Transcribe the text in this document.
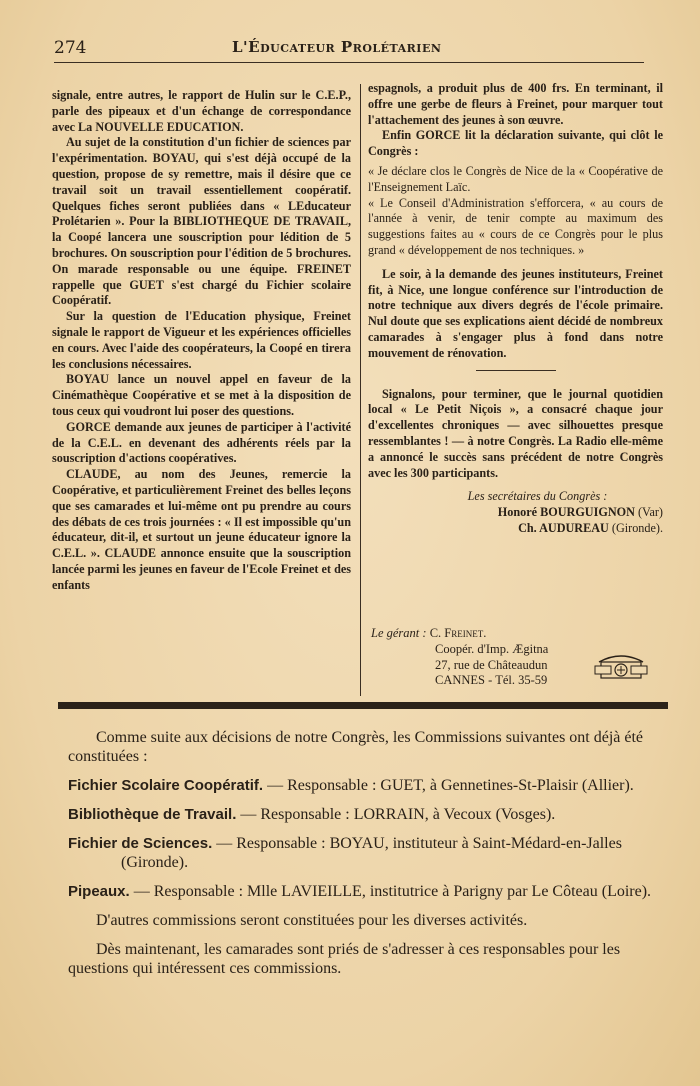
274	L'Éducateur Prolétarien

signale, entre autres, le rapport de Hulin sur le C.E.P., parle des pipeaux et d'un échange de correspondance avec La NOUVELLE EDUCATION.

Au sujet de la constitution d'un fichier de sciences par l'expérimentation. BOYAU, qui s'est déjà occupé de la question, propose de sy remettre, mais il désire que ce travail soit un travail essentiellement coopératif. Quelques fiches seront publiées dans « LEducateur Prolétarien ». Pour la BIBLIOTHEQUE DE TRAVAIL, la Coopé lancera une souscription pour lédition de 5 brochures. On souscription pour l'édition de 5 brochures. On marade responsable ou une équipe. FREINET rappelle que GUET s'est chargé du Fichier scolaire Coopératif.

Sur la question de l'Education physique, Freinet signale le rapport de Vigueur et les expériences officielles en cours. Avec l'aide des coopérateurs, la Coopé en tirera les conclusions nécessaires.

BOYAU lance un nouvel appel en faveur de la Cinémathèque Coopérative et se met à la disposition de tous ceux qui voudront lui poser des questions.

GORCE demande aux jeunes de participer à l'activité de la C.E.L. en devenant des adhérents réels par la souscription d'actions coopératives.

CLAUDE, au nom des Jeunes, remercie la Coopérative, et particulièrement Freinet des belles leçons que ses camarades et lui-même ont pu prendre au cours des débats de ces trois journées : « Il est impossible qu'un éducateur, dit-il, et surtout un jeune éducateur ignore la C.E.L. ». CLAUDE annonce ensuite que la souscription lancée parmi les jeunes en faveur de l'Ecole Freinet et des enfants

espagnols, a produit plus de 400 frs. En terminant, il offre une gerbe de fleurs à Freinet, pour marquer tout l'attachement des jeunes à son œuvre.

Enfin GORCE lit la déclaration suivante, qui clôt le Congrès :

« Je déclare clos le Congrès de Nice de la « Coopérative de l'Enseignement Laïc.

« Le Conseil d'Administration s'efforcera, « au cours de l'année à venir, de tenir compte au maximum des suggestions faites au « cours de ce Congrès pour le plus grand « développement de nos techniques. »

Le soir, à la demande des jeunes instituteurs, Freinet fit, à Nice, une longue conférence sur l'introduction de notre technique aux divers degrés de l'école primaire. Nul doute que ses explications aient décidé de nombreux camarades à s'engager plus à fond dans notre mouvement de rénovation.

Signalons, pour terminer, que le journal quotidien local « Le Petit Niçois », a consacré chaque jour d'excellentes chroniques — avec silhouettes presque ressemblantes ! — à notre Congrès. La Radio elle-même a annoncé le succès sans précédent de notre Congrès avec les 300 participants.

Les secrétaires du Congrès :

Honoré BOURGUIGNON (Var)

Ch. AUDUREAU (Gironde).

Le gérant : C. Freinet.
Coopér. d'Imp. Ægitna
27, rue de Châteaudun
CANNES - Tél. 35-59

Comme suite aux décisions de notre Congrès, les Commissions suivantes ont déjà été constituées :

Fichier Scolaire Coopératif. — Responsable : GUET, à Gennetines-St-Plaisir (Allier).

Bibliothèque de Travail. — Responsable : LORRAIN, à Vecoux (Vosges).

Fichier de Sciences. — Responsable : BOYAU, instituteur à Saint-Médard-en-Jalles (Gironde).

Pipeaux. — Responsable : Mlle LAVIEILLE, institutrice à Parigny par Le Côteau (Loire).

D'autres commissions seront constituées pour les diverses activités.

Dès maintenant, les camarades sont priés de s'adresser à ces responsables pour les questions qui intéressent ces commissions.
